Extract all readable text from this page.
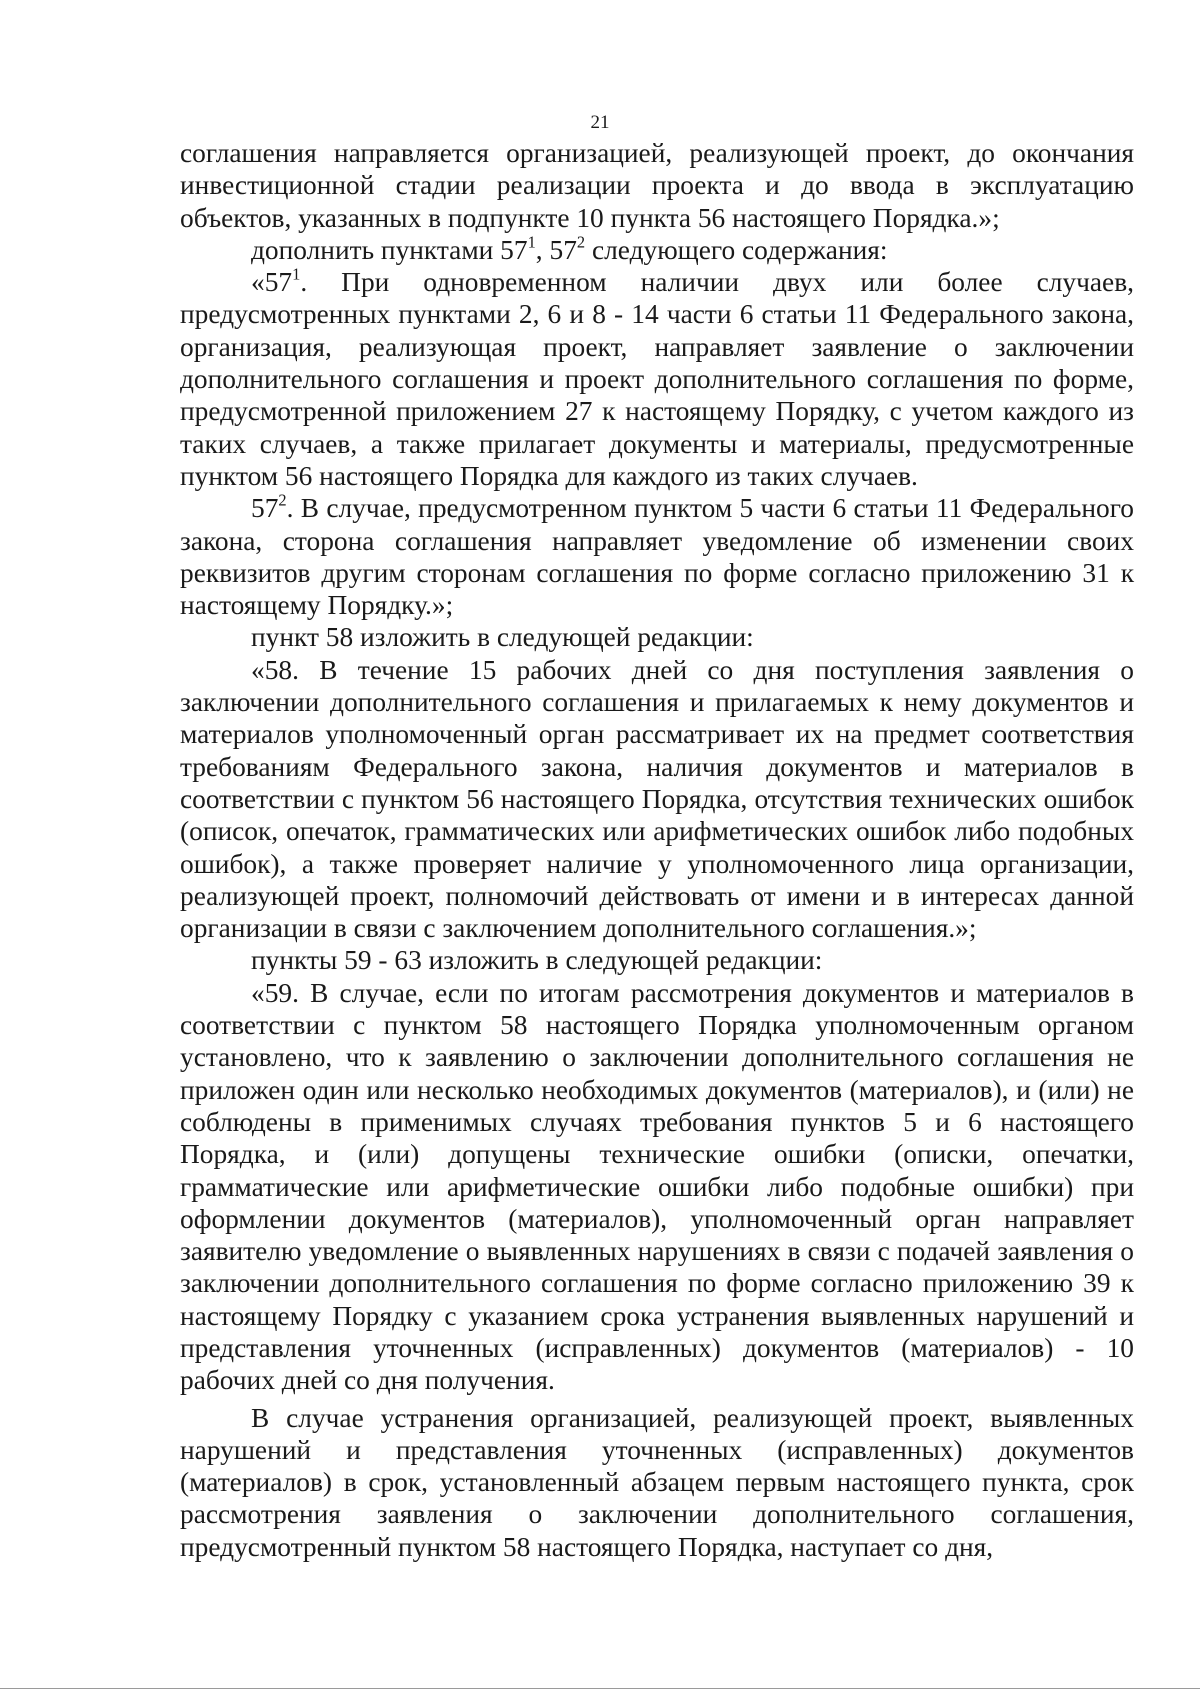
21

соглашения направляется организацией, реализующей проект, до окончания инвестиционной стадии реализации проекта и до ввода в эксплуатацию объектов, указанных в подпункте 10 пункта 56 настоящего Порядка.»;

дополнить пунктами $57^1$, $57^2$ следующего содержания:

«$57^1$. При одновременном наличии двух или более случаев, предусмотренных пунктами 2, 6 и 8 - 14 части 6 статьи 11 Федерального закона, организация, реализующая проект, направляет заявление о заключении дополнительного соглашения и проект дополнительного соглашения по форме, предусмотренной приложением 27 к настоящему Порядку, с учетом каждого из таких случаев, а также прилагает документы и материалы, предусмотренные пунктом 56 настоящего Порядка для каждого из таких случаев.

$57^2$. В случае, предусмотренном пунктом 5 части 6 статьи 11 Федерального закона, сторона соглашения направляет уведомление об изменении своих реквизитов другим сторонам соглашения по форме согласно приложению 31 к настоящему Порядку.»;

пункт 58 изложить в следующей редакции:

«58. В течение 15 рабочих дней со дня поступления заявления о заключении дополнительного соглашения и прилагаемых к нему документов и материалов уполномоченный орган рассматривает их на предмет соответствия требованиям Федерального закона, наличия документов и материалов в соответствии с пунктом 56 настоящего Порядка, отсутствия технических ошибок (описок, опечаток, грамматических или арифметических ошибок либо подобных ошибок), а также проверяет наличие у уполномоченного лица организации, реализующей проект, полномочий действовать от имени и в интересах данной организации в связи с заключением дополнительного соглашения.»;

пункты 59 - 63 изложить в следующей редакции:

«59. В случае, если по итогам рассмотрения документов и материалов в соответствии с пунктом 58 настоящего Порядка уполномоченным органом установлено, что к заявлению о заключении дополнительного соглашения не приложен один или несколько необходимых документов (материалов), и (или) не соблюдены в применимых случаях требования пунктов 5 и 6 настоящего Порядка, и (или) допущены технические ошибки (описки, опечатки, грамматические или арифметические ошибки либо подобные ошибки) при оформлении документов (материалов), уполномоченный орган направляет заявителю уведомление о выявленных нарушениях в связи с подачей заявления о заключении дополнительного соглашения по форме согласно приложению 39 к настоящему Порядку с указанием срока устранения выявленных нарушений и представления уточненных (исправленных) документов (материалов) - 10 рабочих дней со дня получения.

В случае устранения организацией, реализующей проект, выявленных нарушений и представления уточненных (исправленных) документов (материалов) в срок, установленный абзацем первым настоящего пункта, срок рассмотрения заявления о заключении дополнительного соглашения, предусмотренный пунктом 58 настоящего Порядка, наступает со дня,
